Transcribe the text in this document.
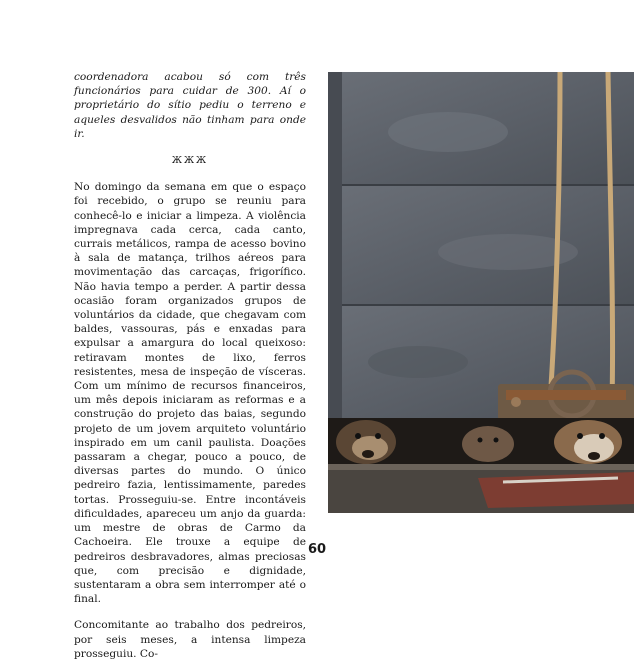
coordenadora acabou só com três funcionários para cuidar de 300. Aí o proprietário do sítio pediu o terreno e aqueles desvalidos não tinham para onde ir.

ЖЖЖ

No domingo da semana em que o espaço foi recebido, o grupo se reuniu para conhecê-lo e iniciar a limpeza. A violência impregnava cada cerca, cada canto, currais metálicos, rampa de acesso bovino à sala de matança, trilhos aéreos para movimentação das carcaças, frigorífico. Não havia tempo a perder. A partir dessa ocasião foram organizados grupos de voluntários da cidade, que chegavam com baldes, vassouras, pás e enxadas para expulsar a amargura do local queixoso: retiravam montes de lixo, ferros resistentes, mesa de inspeção de vísceras. Com um mínimo de recursos financeiros, um mês depois iniciaram as reformas e a construção do projeto das baias, segundo projeto de um jovem arquiteto voluntário inspirado em um canil paulista. Doações passaram a chegar, pouco a pouco, de diversas partes do mundo. O único pedreiro fazia, lentissimamente, paredes tortas. Prosseguiu-se. Entre incontáveis dificuldades, apareceu um anjo da guarda: um mestre de obras de Carmo da Cachoeira. Ele trouxe a equipe de pedreiros desbravadores, almas preciosas que, com precisão e dignidade, sustentaram a obra sem interromper até o final.

Concomitante ao trabalho dos pedreiros, por seis meses, a intensa limpeza prosseguiu. Co-

60
